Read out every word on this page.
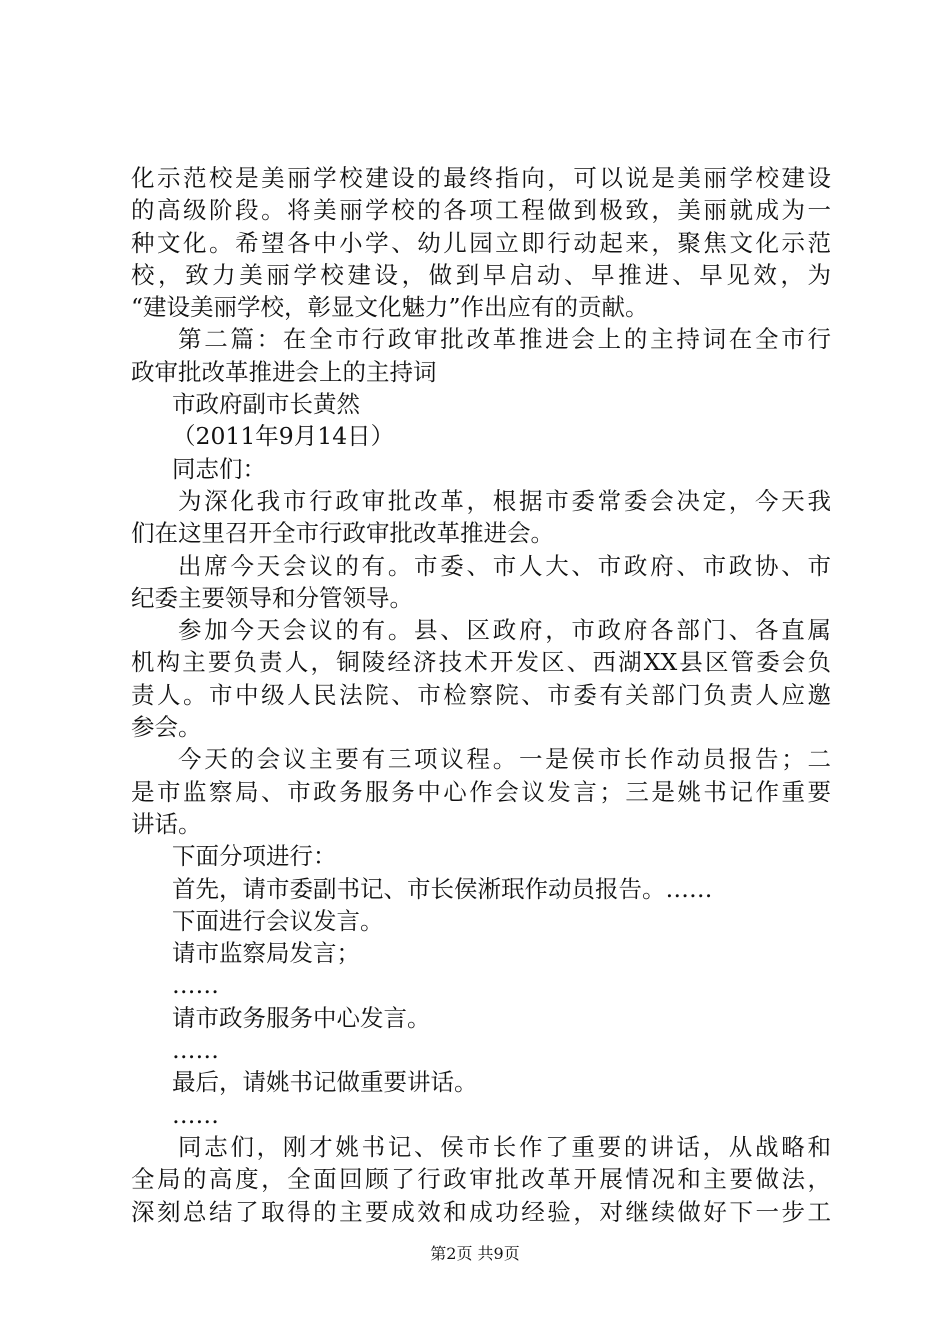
化示范校是美丽学校建设的最终指向，可以说是美丽学校建设
的高级阶段。将美丽学校的各项工程做到极致，美丽就成为一
种文化。希望各中小学、幼儿园立即行动起来，聚焦文化示范
校，致力美丽学校建设，做到早启动、早推进、早见效，为
“建设美丽学校，彰显文化魅力”作出应有的贡献。
第二篇：在全市行政审批改革推进会上的主持词在全市行
政审批改革推进会上的主持词
市政府副市长黄然
（2011年9月14日）
同志们：
为深化我市行政审批改革，根据市委常委会决定，今天我
们在这里召开全市行政审批改革推进会。
出席今天会议的有。市委、市人大、市政府、市政协、市
纪委主要领导和分管领导。
参加今天会议的有。县、区政府，市政府各部门、各直属
机构主要负责人，铜陵经济技术开发区、西湖XX县区管委会负
责人。市中级人民法院、市检察院、市委有关部门负责人应邀
参会。
今天的会议主要有三项议程。一是侯市长作动员报告；二
是市监察局、市政务服务中心作会议发言；三是姚书记作重要
讲话。
下面分项进行：
首先，请市委副书记、市长侯淅珉作动员报告。……
下面进行会议发言。
请市监察局发言；
……
请市政务服务中心发言。
……
最后，请姚书记做重要讲话。
……
同志们，刚才姚书记、侯市长作了重要的讲话，从战略和
全局的高度，全面回顾了行政审批改革开展情况和主要做法，
深刻总结了取得的主要成效和成功经验，对继续做好下一步工
第2页 共9页
